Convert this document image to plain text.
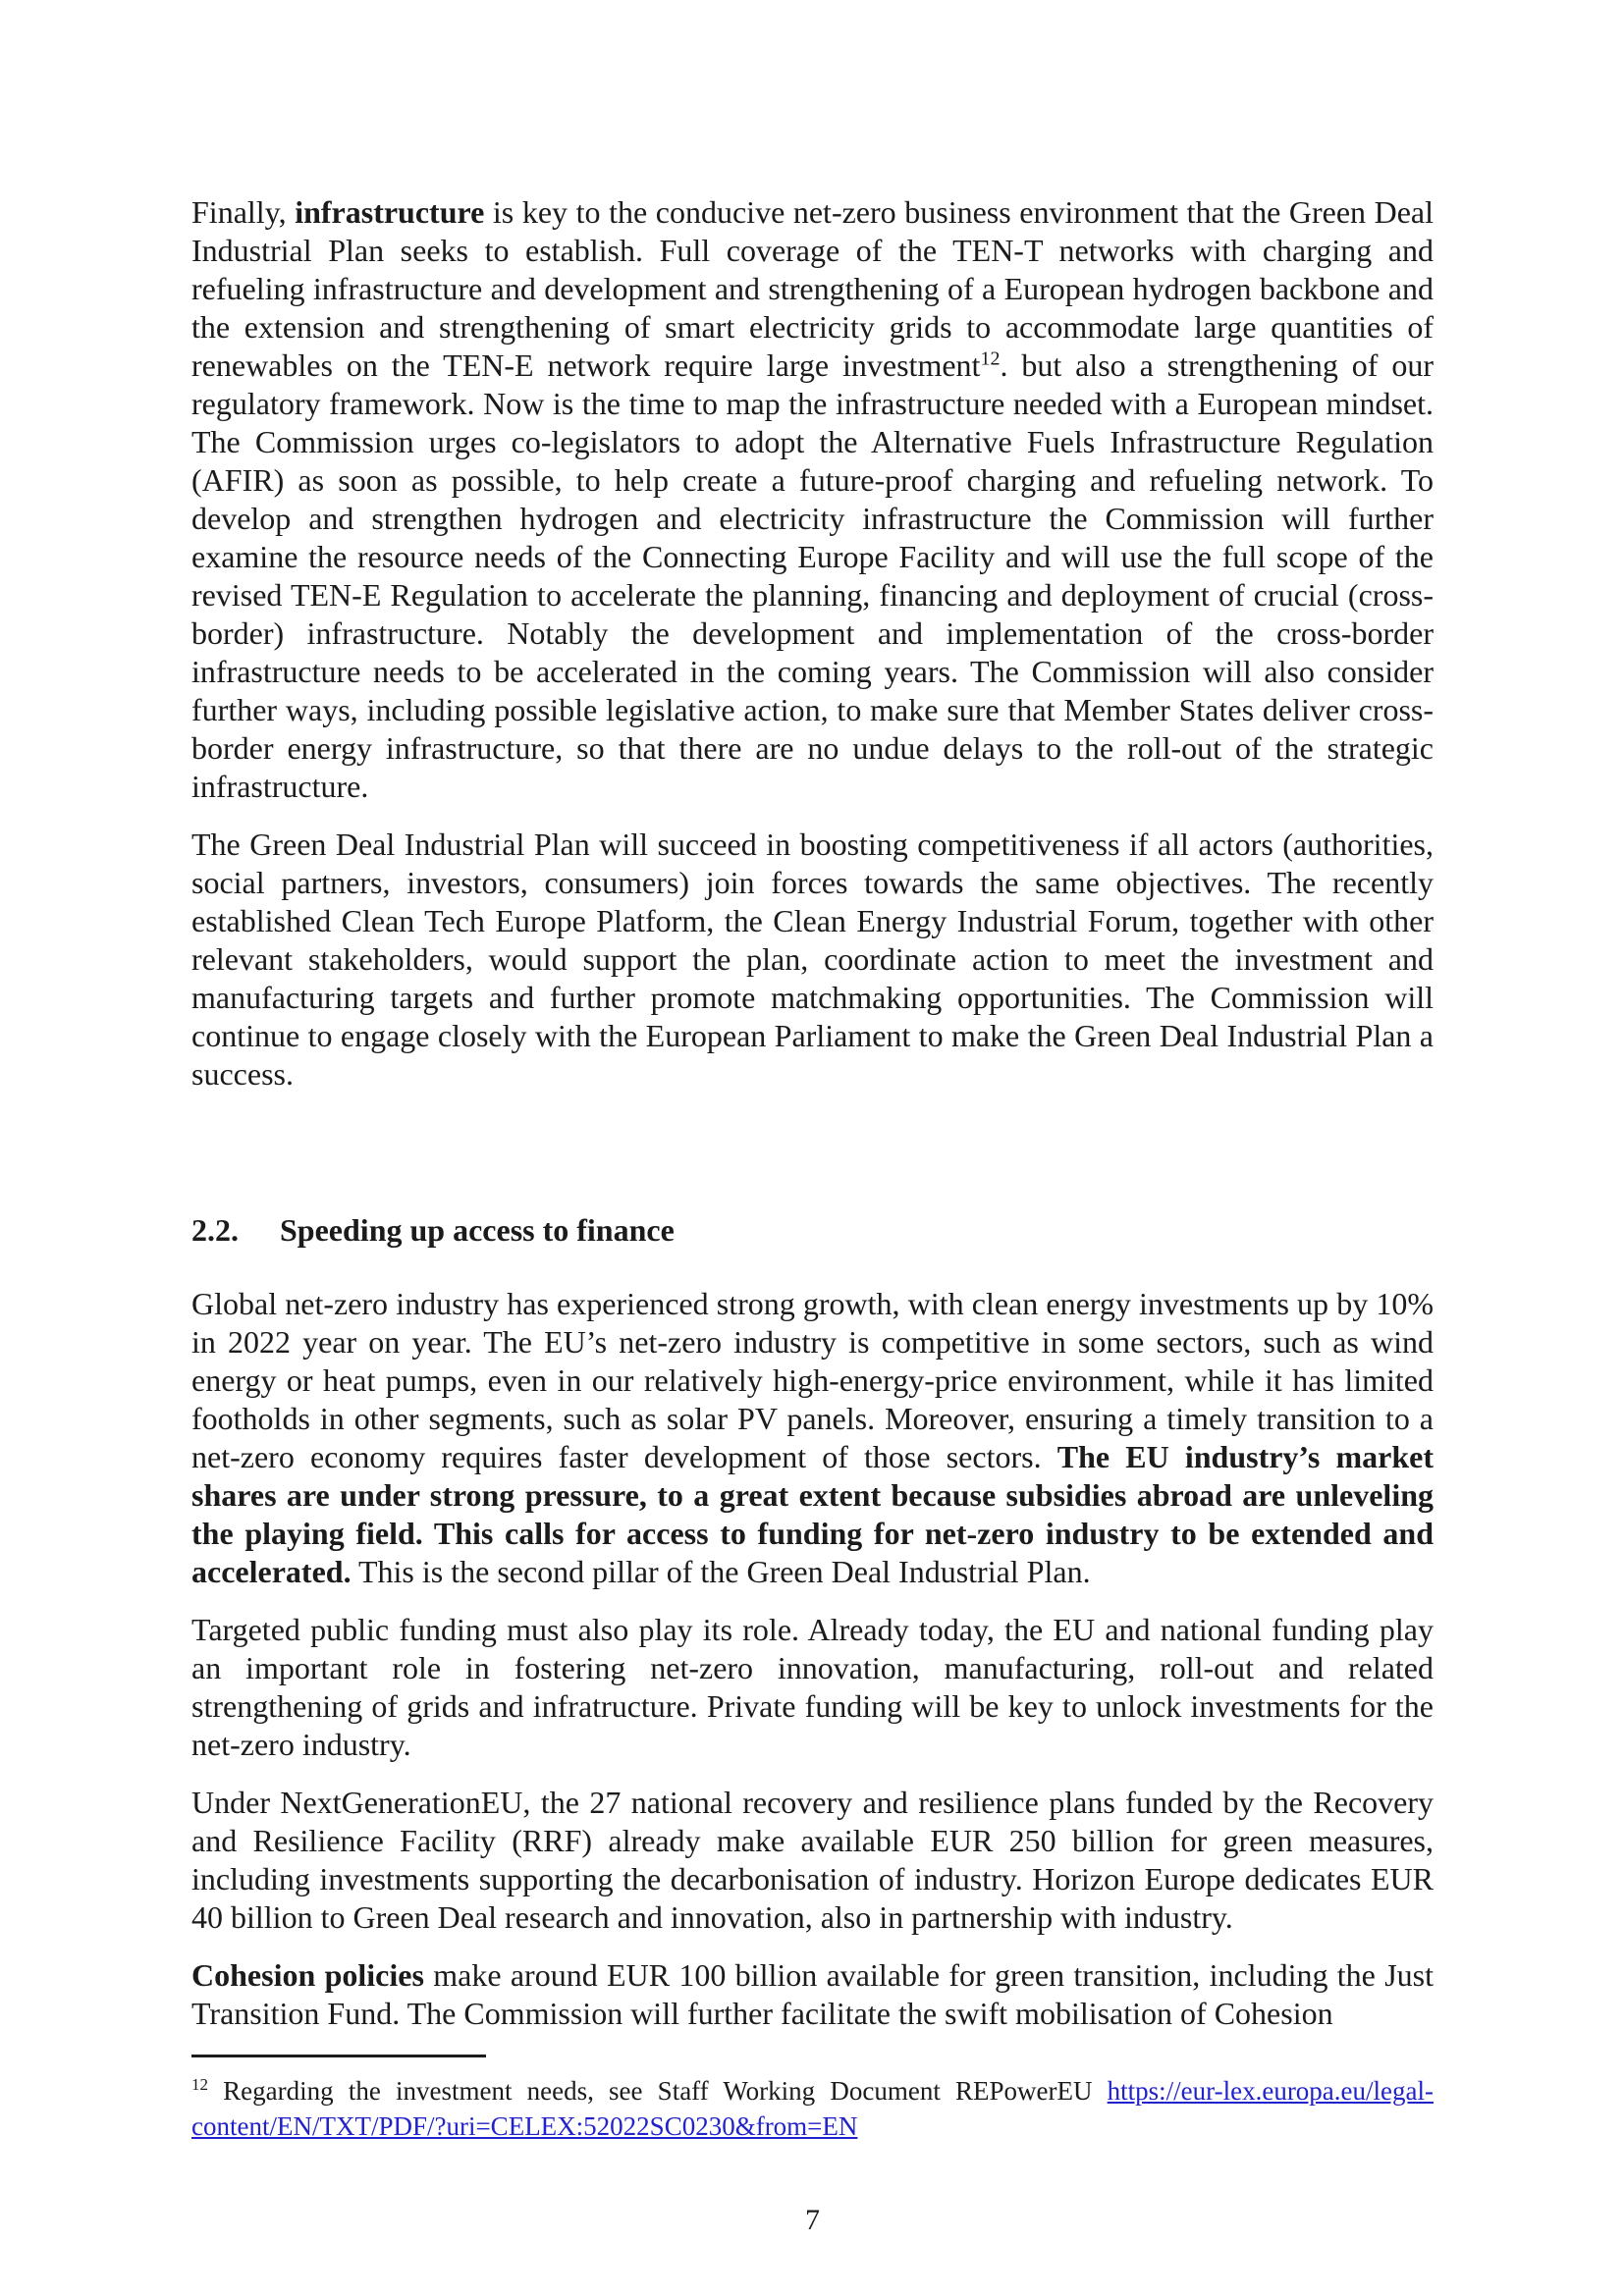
Finally, infrastructure is key to the conducive net-zero business environment that the Green Deal Industrial Plan seeks to establish. Full coverage of the TEN-T networks with charging and refueling infrastructure and development and strengthening of a European hydrogen backbone and the extension and strengthening of smart electricity grids to accommodate large quantities of renewables on the TEN-E network require large investment$^{12}$. but also a strengthening of our regulatory framework. Now is the time to map the infrastructure needed with a European mindset. The Commission urges co-legislators to adopt the Alternative Fuels Infrastructure Regulation (AFIR) as soon as possible, to help create a future-proof charging and refueling network. To develop and strengthen hydrogen and electricity infrastructure the Commission will further examine the resource needs of the Connecting Europe Facility and will use the full scope of the revised TEN-E Regulation to accelerate the planning, financing and deployment of crucial (cross-border) infrastructure. Notably the development and implementation of the cross-border infrastructure needs to be accelerated in the coming years. The Commission will also consider further ways, including possible legislative action, to make sure that Member States deliver cross-border energy infrastructure, so that there are no undue delays to the roll-out of the strategic infrastructure.

The Green Deal Industrial Plan will succeed in boosting competitiveness if all actors (authorities, social partners, investors, consumers) join forces towards the same objectives. The recently established Clean Tech Europe Platform, the Clean Energy Industrial Forum, together with other relevant stakeholders, would support the plan, coordinate action to meet the investment and manufacturing targets and further promote matchmaking opportunities. The Commission will continue to engage closely with the European Parliament to make the Green Deal Industrial Plan a success.

2.2. Speeding up access to finance

Global net-zero industry has experienced strong growth, with clean energy investments up by 10% in 2022 year on year. The EU’s net-zero industry is competitive in some sectors, such as wind energy or heat pumps, even in our relatively high-energy-price environment, while it has limited footholds in other segments, such as solar PV panels. Moreover, ensuring a timely transition to a net-zero economy requires faster development of those sectors. The EU industry’s market shares are under strong pressure, to a great extent because subsidies abroad are unleveling the playing field. This calls for access to funding for net-zero industry to be extended and accelerated. This is the second pillar of the Green Deal Industrial Plan.

Targeted public funding must also play its role. Already today, the EU and national funding play an important role in fostering net-zero innovation, manufacturing, roll-out and related strengthening of grids and infratructure. Private funding will be key to unlock investments for the net-zero industry.

Under NextGenerationEU, the 27 national recovery and resilience plans funded by the Recovery and Resilience Facility (RRF) already make available EUR 250 billion for green measures, including investments supporting the decarbonisation of industry. Horizon Europe dedicates EUR 40 billion to Green Deal research and innovation, also in partnership with industry.

Cohesion policies make around EUR 100 billion available for green transition, including the Just Transition Fund. The Commission will further facilitate the swift mobilisation of Cohesion

$^{12}$ Regarding the investment needs, see Staff Working Document REPowerEU https://eur-lex.europa.eu/legal-content/EN/TXT/PDF/?uri=CELEX:52022SC0230&from=EN
7
